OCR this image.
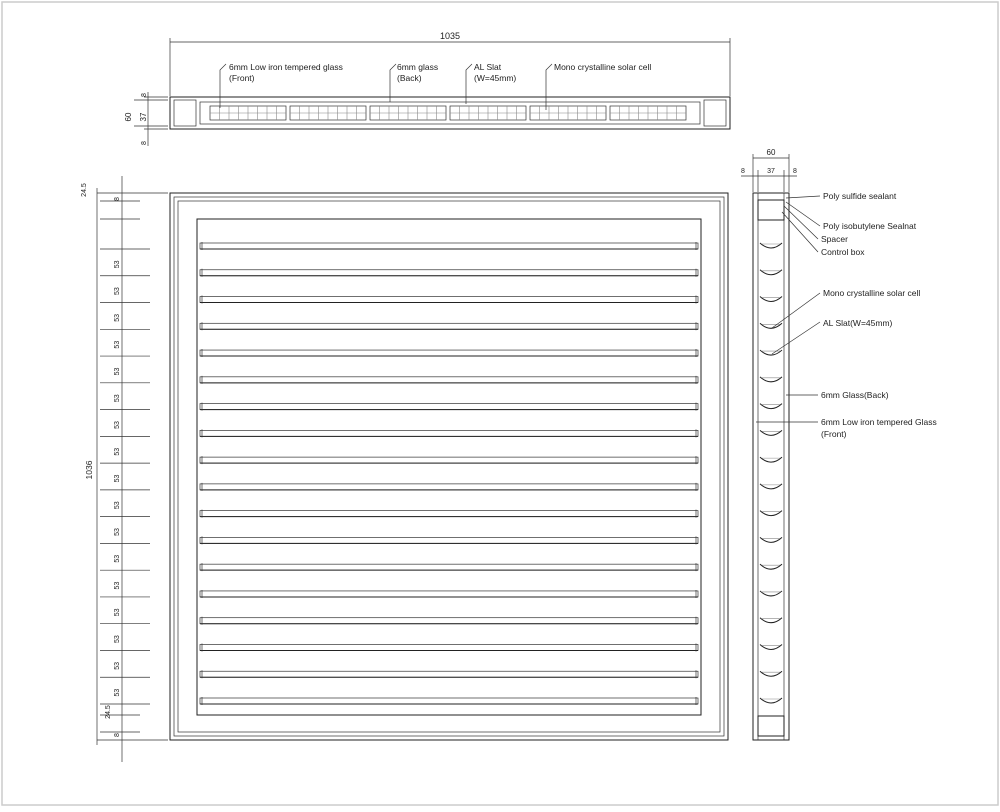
1035
60 37
8
8
6mm Low iron tempered glass
(Front)
6mm glass
(Back)
AL Slat
(W=45mm)
Mono crystalline solar cell
1036
24.5
8
24.5
8
53
53
53
53
53
53
53
53
53
53
53
53
53
53
53
53
53
60
8	37	8
Poly sulfide sealant
Poly isobutylene Sealnat
Spacer
Control box
Mono crystalline solar cell
AL Slat(W=45mm)
6mm Glass(Back)
6mm Low iron tempered Glass
(Front)
